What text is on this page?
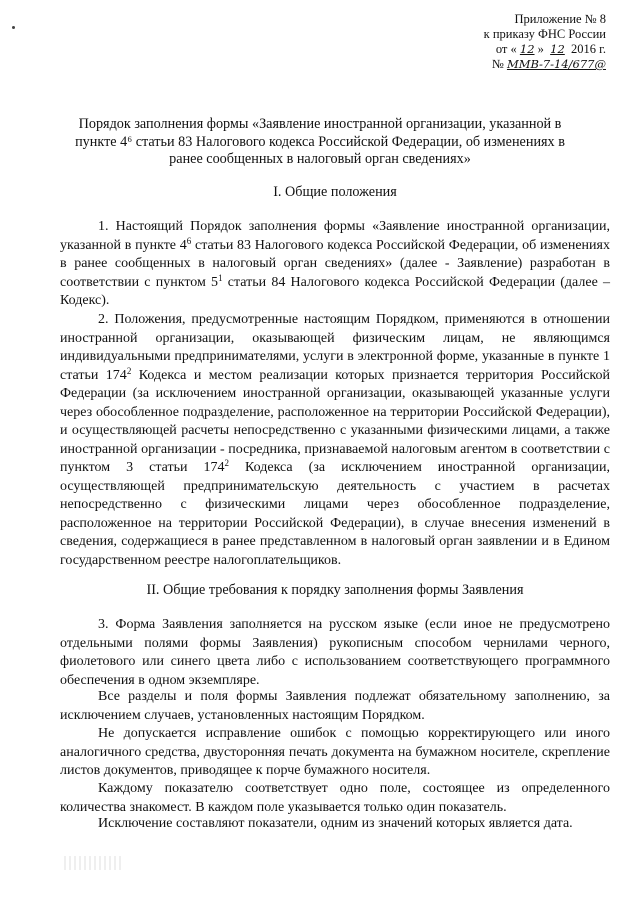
Приложение № 8
к приказу ФНС России
от « 12 » 12 2016 г.
№ ММВ-7-14/677@
Порядок заполнения формы «Заявление иностранной организации, указанной в пункте 4⁶ статьи 83 Налогового кодекса Российской Федерации, об изменениях в ранее сообщенных в налоговый орган сведениях»
I. Общие положения

1. Настоящий Порядок заполнения формы «Заявление иностранной организации, указанной в пункте $4^6$ статьи 83 Налогового кодекса Российской Федерации, об изменениях в ранее сообщенных в налоговый орган сведениях» (далее - Заявление) разработан в соответствии с пунктом $5^1$ статьи 84 Налогового кодекса Российской Федерации (далее – Кодекс).

2. Положения, предусмотренные настоящим Порядком, применяются в отношении иностранной организации, оказывающей физическим лицам, не являющимся индивидуальными предпринимателями, услуги в электронной форме, указанные в пункте 1 статьи $174^2$ Кодекса и местом реализации которых признается территория Российской Федерации (за исключением иностранной организации, оказывающей указанные услуги через обособленное подразделение, расположенное на территории Российской Федерации), и осуществляющей расчеты непосредственно с указанными физическими лицами, а также иностранной организации - посредника, признаваемой налоговым агентом в соответствии с пунктом 3 статьи $174^2$ Кодекса (за исключением иностранной организации, осуществляющей предпринимательскую деятельность с участием в расчетах непосредственно с физическими лицами через обособленное подразделение, расположенное на территории Российской Федерации), в случае внесения изменений в сведения, содержащиеся в ранее представленном в налоговый орган заявлении и в Едином государственном реестре налогоплательщиков.

II. Общие требования к порядку заполнения формы Заявления

3. Форма Заявления заполняется на русском языке (если иное не предусмотрено отдельными полями формы Заявления) рукописным способом чернилами черного, фиолетового или синего цвета либо с использованием соответствующего программного обеспечения в одном экземпляре.

Все разделы и поля формы Заявления подлежат обязательному заполнению, за исключением случаев, установленных настоящим Порядком.

Не допускается исправление ошибок с помощью корректирующего или иного аналогичного средства, двусторонняя печать документа на бумажном носителе, скрепление листов документов, приводящее к порче бумажного носителя.

Каждому показателю соответствует одно поле, состоящее из определенного количества знакомест. В каждом поле указывается только один показатель.

Исключение составляют показатели, одним из значений которых является дата.
